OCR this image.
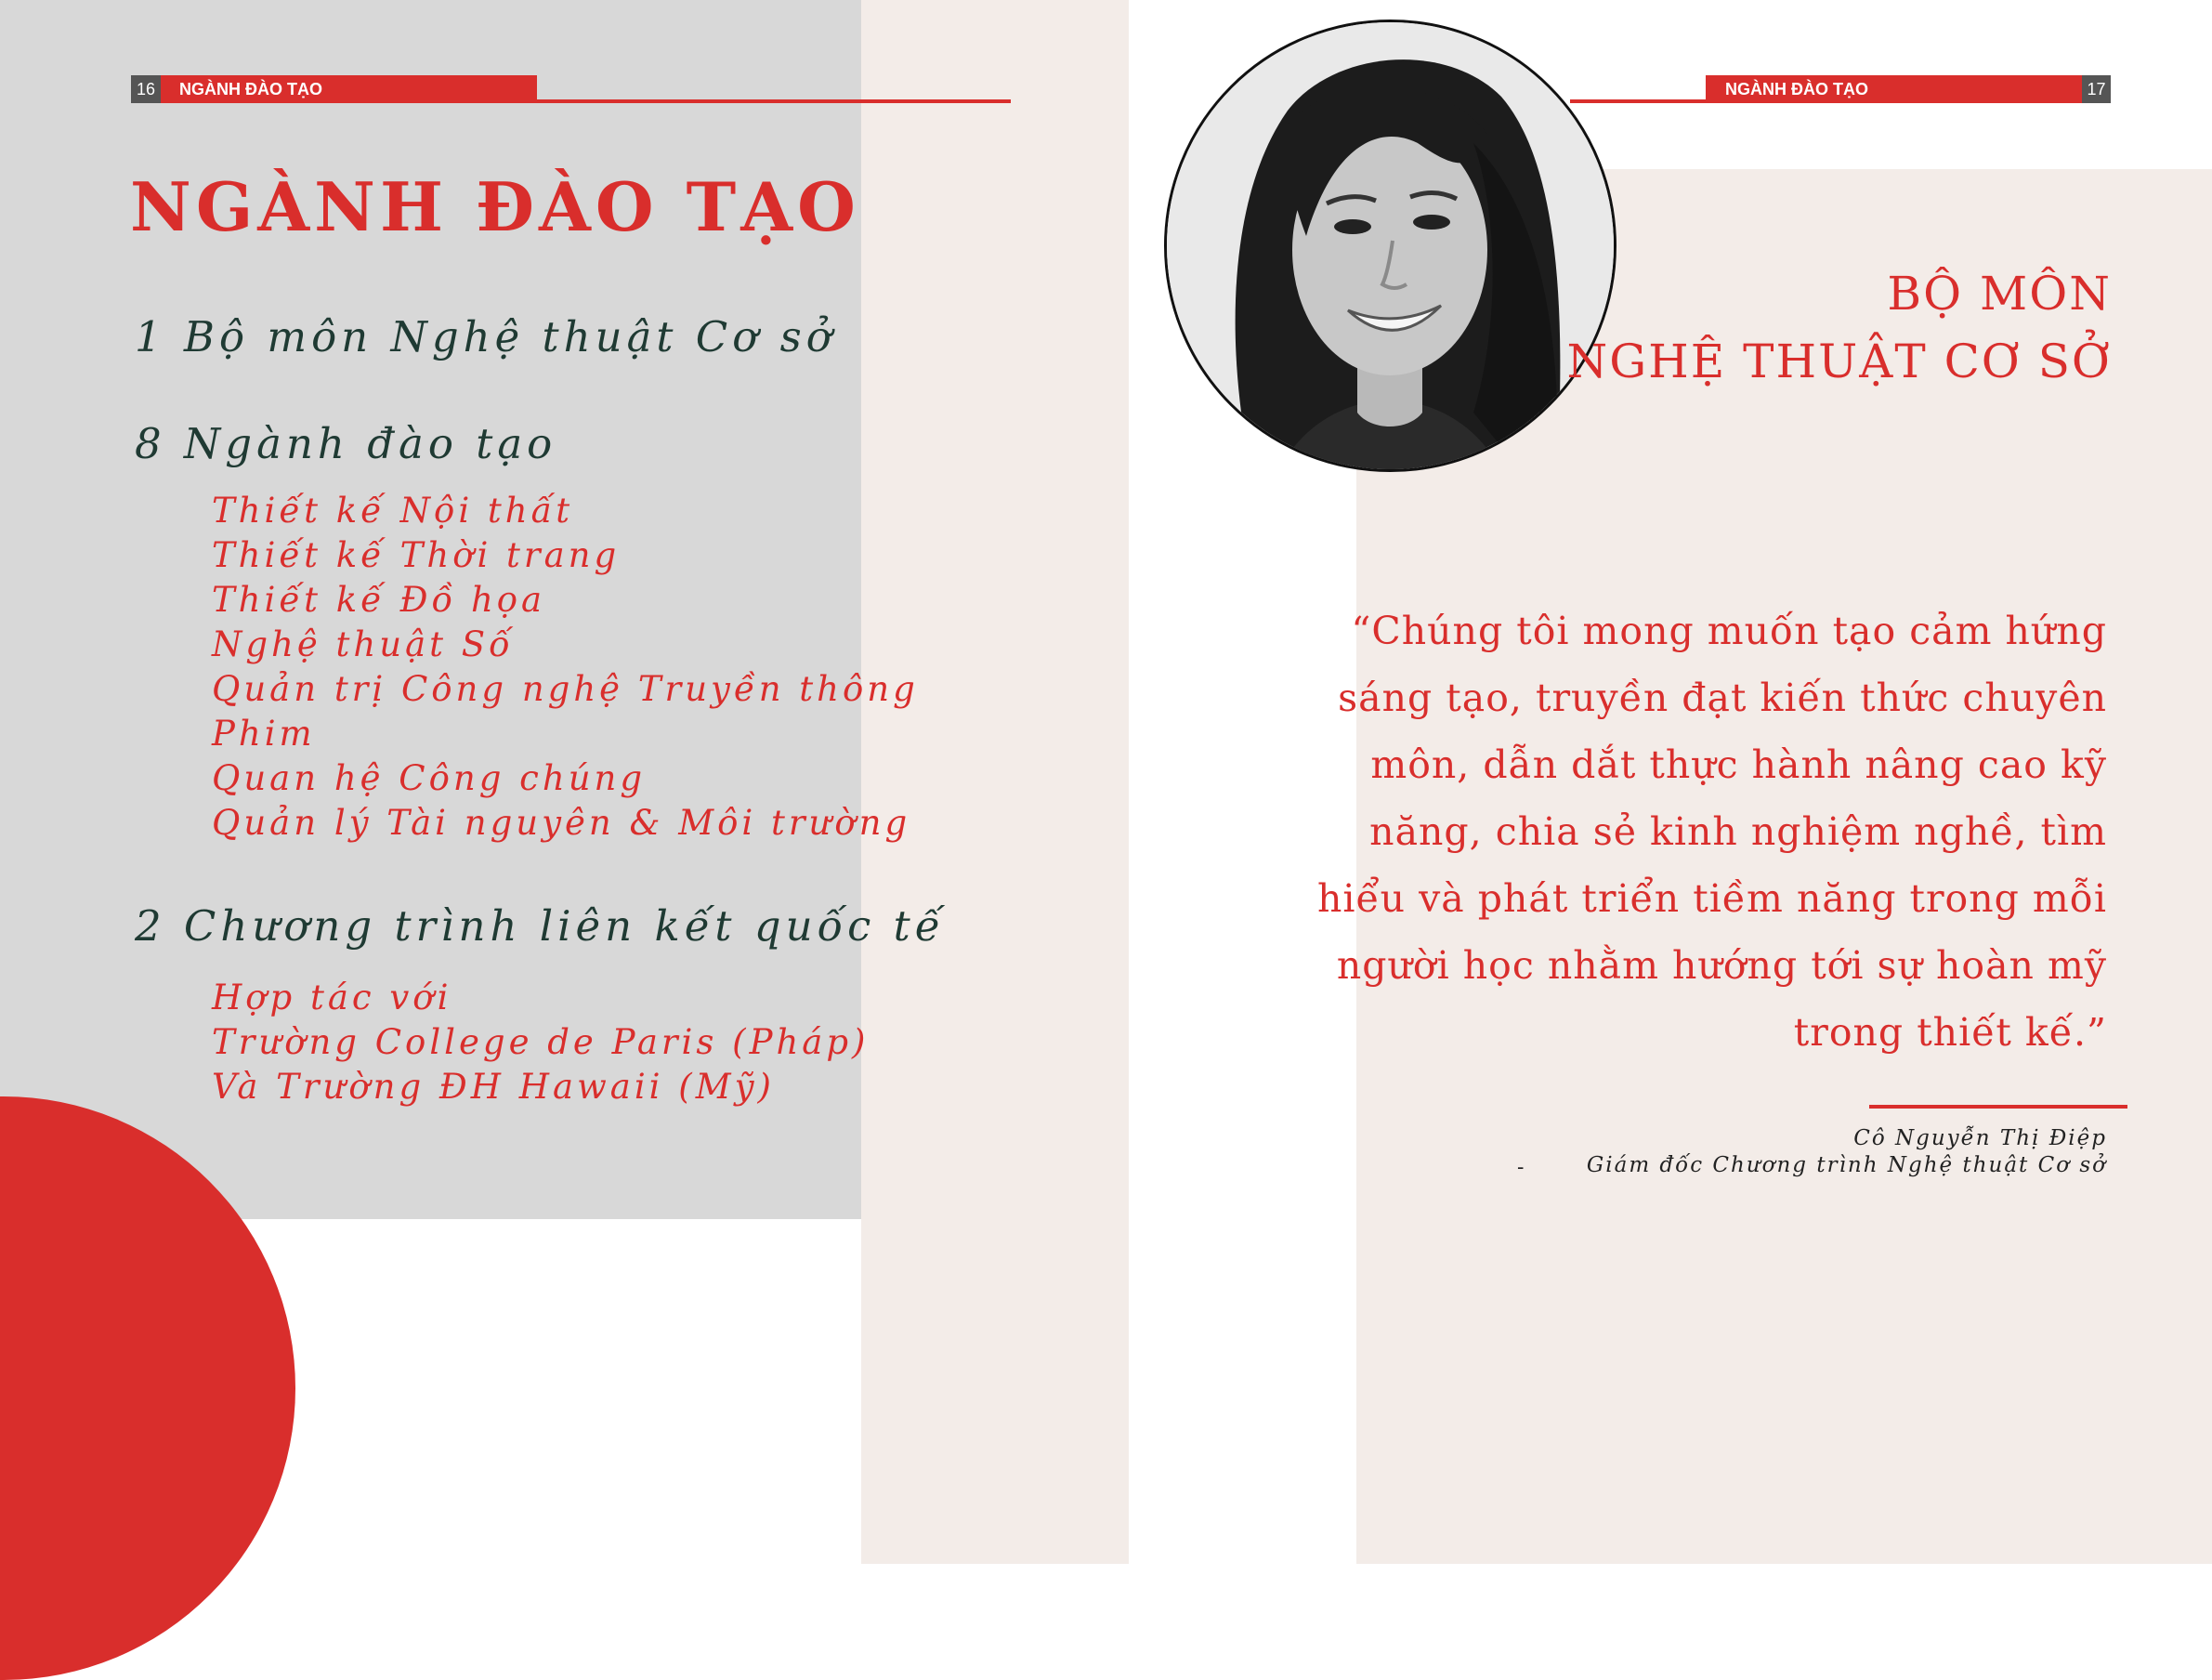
16	NGÀNH ĐÀO TẠO
NGÀNH ĐÀO TẠO
1 Bộ môn Nghệ thuật Cơ sở
8 Ngành đào tạo
Thiết kế Nội thất
Thiết kế Thời trang
Thiết kế Đồ họa
Nghệ thuật Số
Quản trị Công nghệ Truyền thông
Phim
Quan hệ Công chúng
Quản lý Tài nguyên & Môi trường
2 Chương trình liên kết quốc tế
Hợp tác với
Trường College de Paris (Pháp)
Và Trường ĐH Hawaii (Mỹ)
NGÀNH ĐÀO TẠO	17
BỘ MÔN
NGHỆ THUẬT CƠ SỞ
“Chúng tôi mong muốn tạo cảm hứng
sáng tạo, truyền đạt kiến thức chuyên
môn, dẫn dắt thực hành nâng cao kỹ
năng, chia sẻ kinh nghiệm nghề, tìm
hiểu và phát triển tiềm năng trong mỗi
người học nhằm hướng tới sự hoàn mỹ
trong thiết kế.”
Cô Nguyễn Thị Điệp
-	Giám đốc Chương trình Nghệ thuật Cơ sở
